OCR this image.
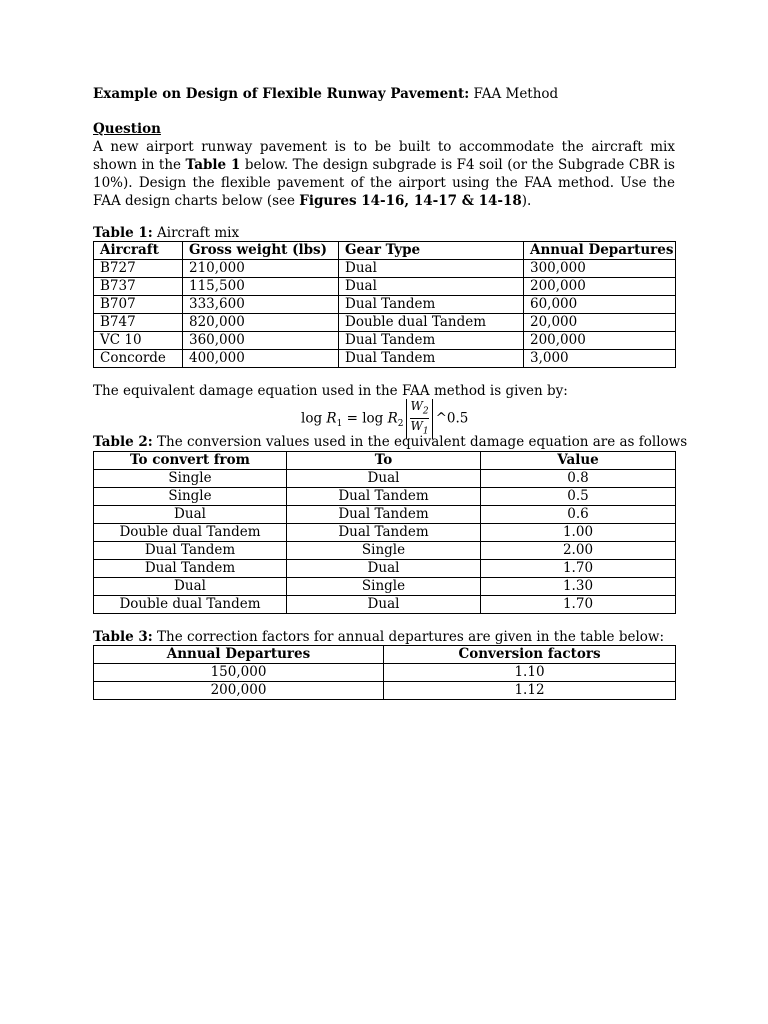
Example on Design of Flexible Runway Pavement: FAA Method
Question
A new airport runway pavement is to be built to accommodate the aircraft mix shown in the Table 1 below. The design subgrade is F4 soil (or the Subgrade CBR is 10%). Design the flexible pavement of the airport using the FAA method. Use the FAA design charts below (see Figures 14-16, 14-17 & 14-18).
Table 1: Aircraft mix
Aircraft	Gross weight (lbs)	Gear Type	Annual Departures
B727	210,000	Dual	300,000
B737	115,500	Dual	200,000
B707	333,600	Dual Tandem	60,000
B747	820,000	Double dual Tandem	20,000
VC 10	360,000	Dual Tandem	200,000
Concorde	400,000	Dual Tandem	3,000
The equivalent damage equation used in the FAA method is given by:
$\log R_1 = \log R_2 \frac{W_2}{W_1}$ ^0.5
Table 2: The conversion values used in the equivalent damage equation are as follows
To convert from	To	Value
Single	Dual	0.8
Single	Dual Tandem	0.5
Dual	Dual Tandem	0.6
Double dual Tandem	Dual Tandem	1.00
Dual Tandem	Single	2.00
Dual Tandem	Dual	1.70
Dual	Single	1.30
Double dual Tandem	Dual	1.70
Table 3: The correction factors for annual departures are given in the table below:
Annual Departures	Conversion factors
150,000	1.10
200,000	1.12
